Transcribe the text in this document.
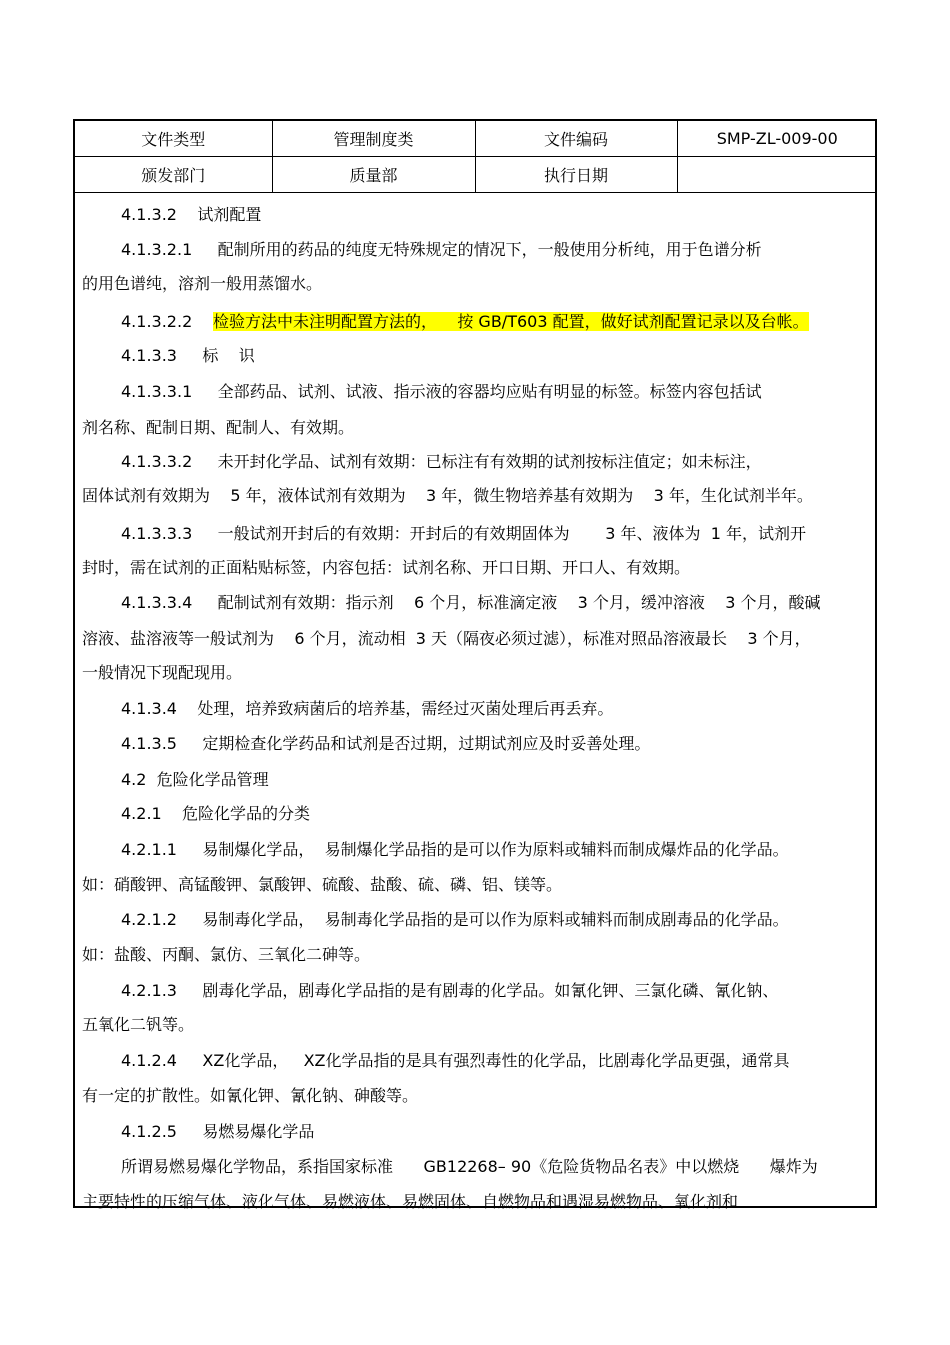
文件类型	管理制度类	文件编码	SMP-ZL-009-00
颁发部门	质量部	执行日期	
4.1.3.2    试剂配置
4.1.3.2.1     配制所用的药品的纯度无特殊规定的情况下，一般使用分析纯，用于色谱分析
的用色谱纯，溶剂一般用蒸馏水。
4.1.3.2.2	检验方法中未注明配置方法的，    按 GB/T603 配置，做好试剂配置记录以及台帐。
4.1.3.3     标    识
4.1.3.3.1     全部药品、试剂、试液、指示液的容器均应贴有明显的标签。标签内容包括试
剂名称、配制日期、配制人、有效期。
4.1.3.3.2     未开封化学品、试剂有效期：已标注有有效期的试剂按标注值定；如未标注，
固体试剂有效期为    5 年，液体试剂有效期为    3 年，微生物培养基有效期为    3 年，生化试剂半年。
4.1.3.3.3     一般试剂开封后的有效期：开封后的有效期固体为       3 年、液体为  1 年，试剂开
封时，需在试剂的正面粘贴标签，内容包括：试剂名称、开口日期、开口人、有效期。
4.1.3.3.4     配制试剂有效期：指示剂    6 个月，标准滴定液    3 个月，缓冲溶液    3 个月，酸碱
溶液、盐溶液等一般试剂为    6 个月，流动相  3 天（隔夜必须过滤），标准对照品溶液最长    3 个月，
一般情况下现配现用。
4.1.3.4    处理，培养致病菌后的培养基，需经过灭菌处理后再丢弃。
4.1.3.5     定期检查化学药品和试剂是否过期，过期试剂应及时妥善处理。
4.2  危险化学品管理
4.2.1    危险化学品的分类
4.2.1.1     易制爆化学品，  易制爆化学品指的是可以作为原料或辅料而制成爆炸品的化学品。
如：硝酸钾、高锰酸钾、氯酸钾、硫酸、盐酸、硫、磷、铝、镁等。
4.2.1.2     易制毒化学品，  易制毒化学品指的是可以作为原料或辅料而制成剧毒品的化学品。
如：盐酸、丙酮、氯仿、三氧化二砷等。
4.2.1.3     剧毒化学品，剧毒化学品指的是有剧毒的化学品。如氰化钾、三氯化磷、氰化钠、
五氧化二钒等。
4.1.2.4     XZ化学品，   XZ化学品指的是具有强烈毒性的化学品，比剧毒化学品更强，通常具
有一定的扩散性。如氰化钾、氰化钠、砷酸等。
4.1.2.5     易燃易爆化学品
所谓易燃易爆化学物品，系指国家标准      GB12268– 90《危险货物品名表》中以燃烧      爆炸为
主要特性的压缩气体、液化气体、易燃液体、易燃固体、自燃物品和遇湿易燃物品、氧化剂和
